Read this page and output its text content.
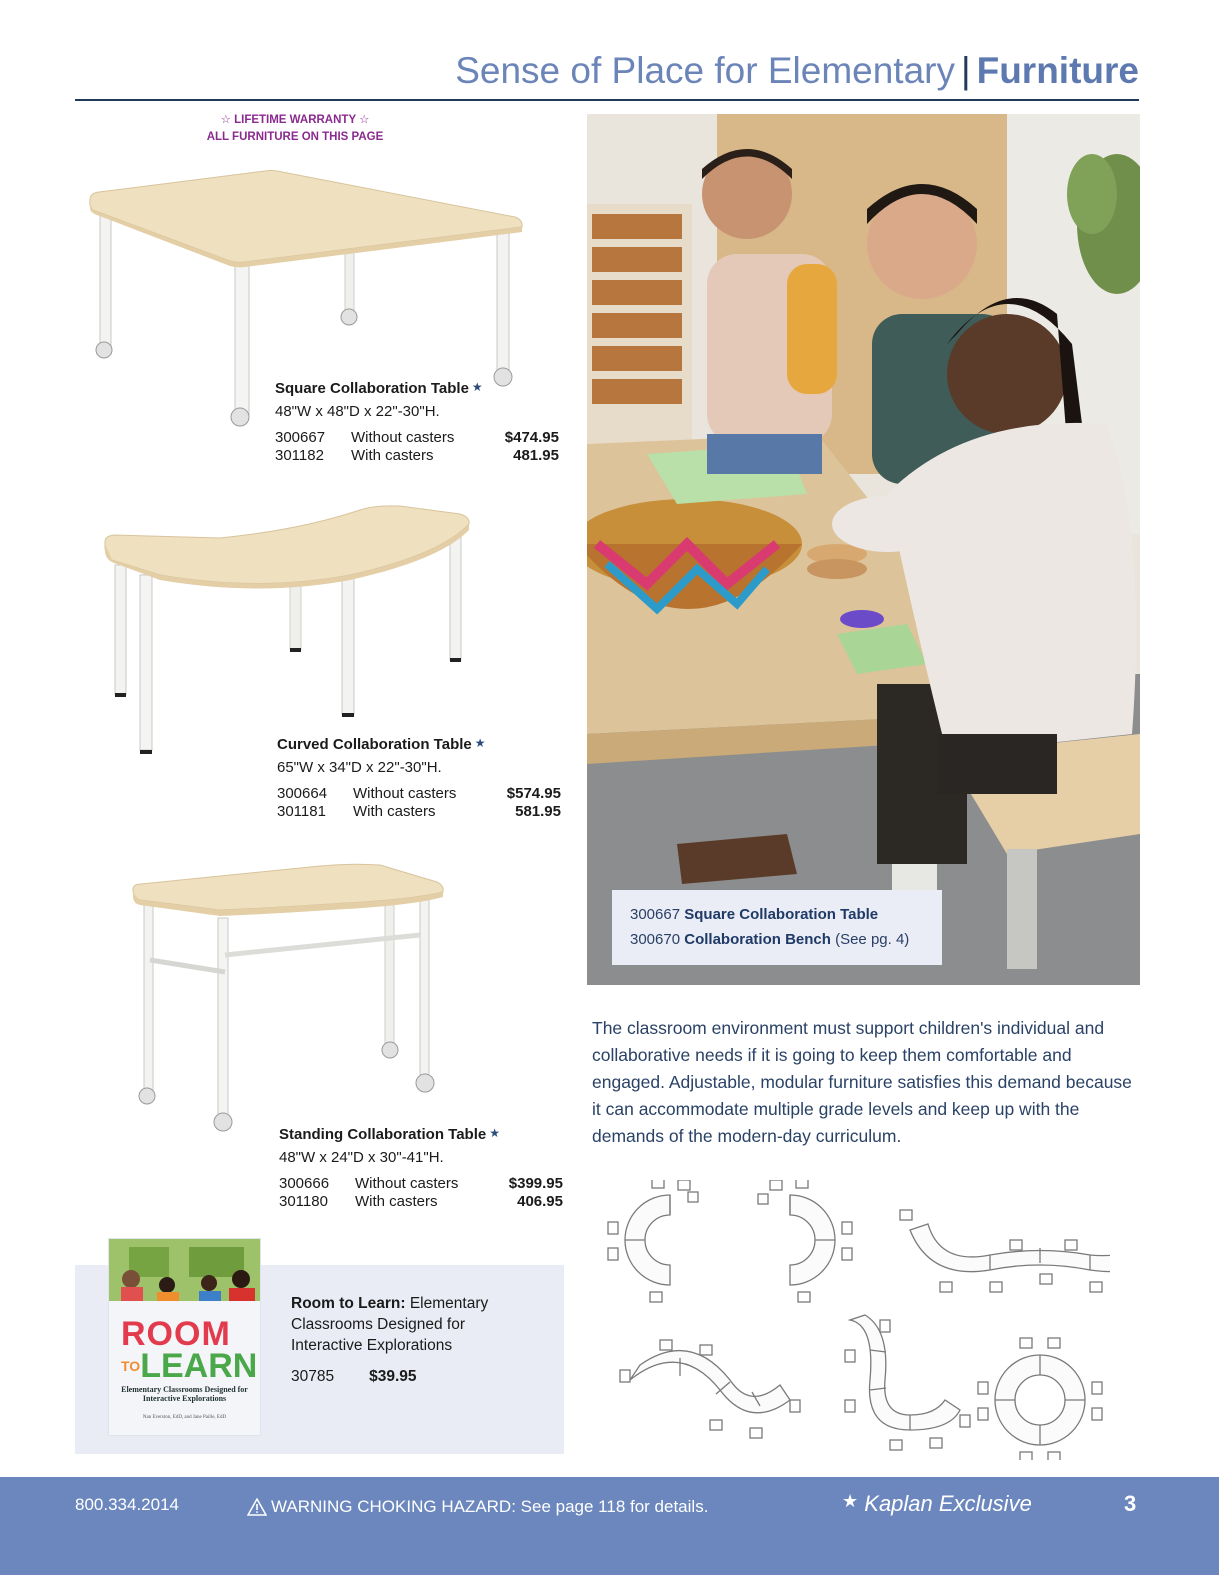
Sense of Place for Elementary | Furniture
☆ LIFETIME WARRANTY ☆
ALL FURNITURE ON THIS PAGE
Square Collaboration Table ★
48"W x 48"D x 22"-30"H.
300667	Without casters	$474.95
301182	With casters	481.95
Curved Collaboration Table ★
65"W x 34"D x 22"-30"H.
300664	Without casters	$574.95
301181	With casters	581.95
Standing Collaboration Table ★
48"W x 24"D x 30"-41"H.
300666	Without casters	$399.95
301180	With casters	406.95
300667 Square Collaboration Table
300670 Collaboration Bench (See pg. 4)
The classroom environment must support children's individual and collaborative needs if it is going to keep them comfortable and engaged. Adjustable, modular furniture satisfies this demand because it can accommodate multiple grade levels and keep up with the demands of the modern-day curriculum.
ROOM
$^{TO}$LEARN
Elementary Classrooms Designed for Interactive Explorations
Nan Everston, EdD, and Jane Paille, EdD
Room to Learn: Elementary Classrooms Designed for Interactive Explorations
30785 $39.95
800.334.2014	WARNING CHOKING HAZARD: See page 118 for details.	★ Kaplan Exclusive	3
